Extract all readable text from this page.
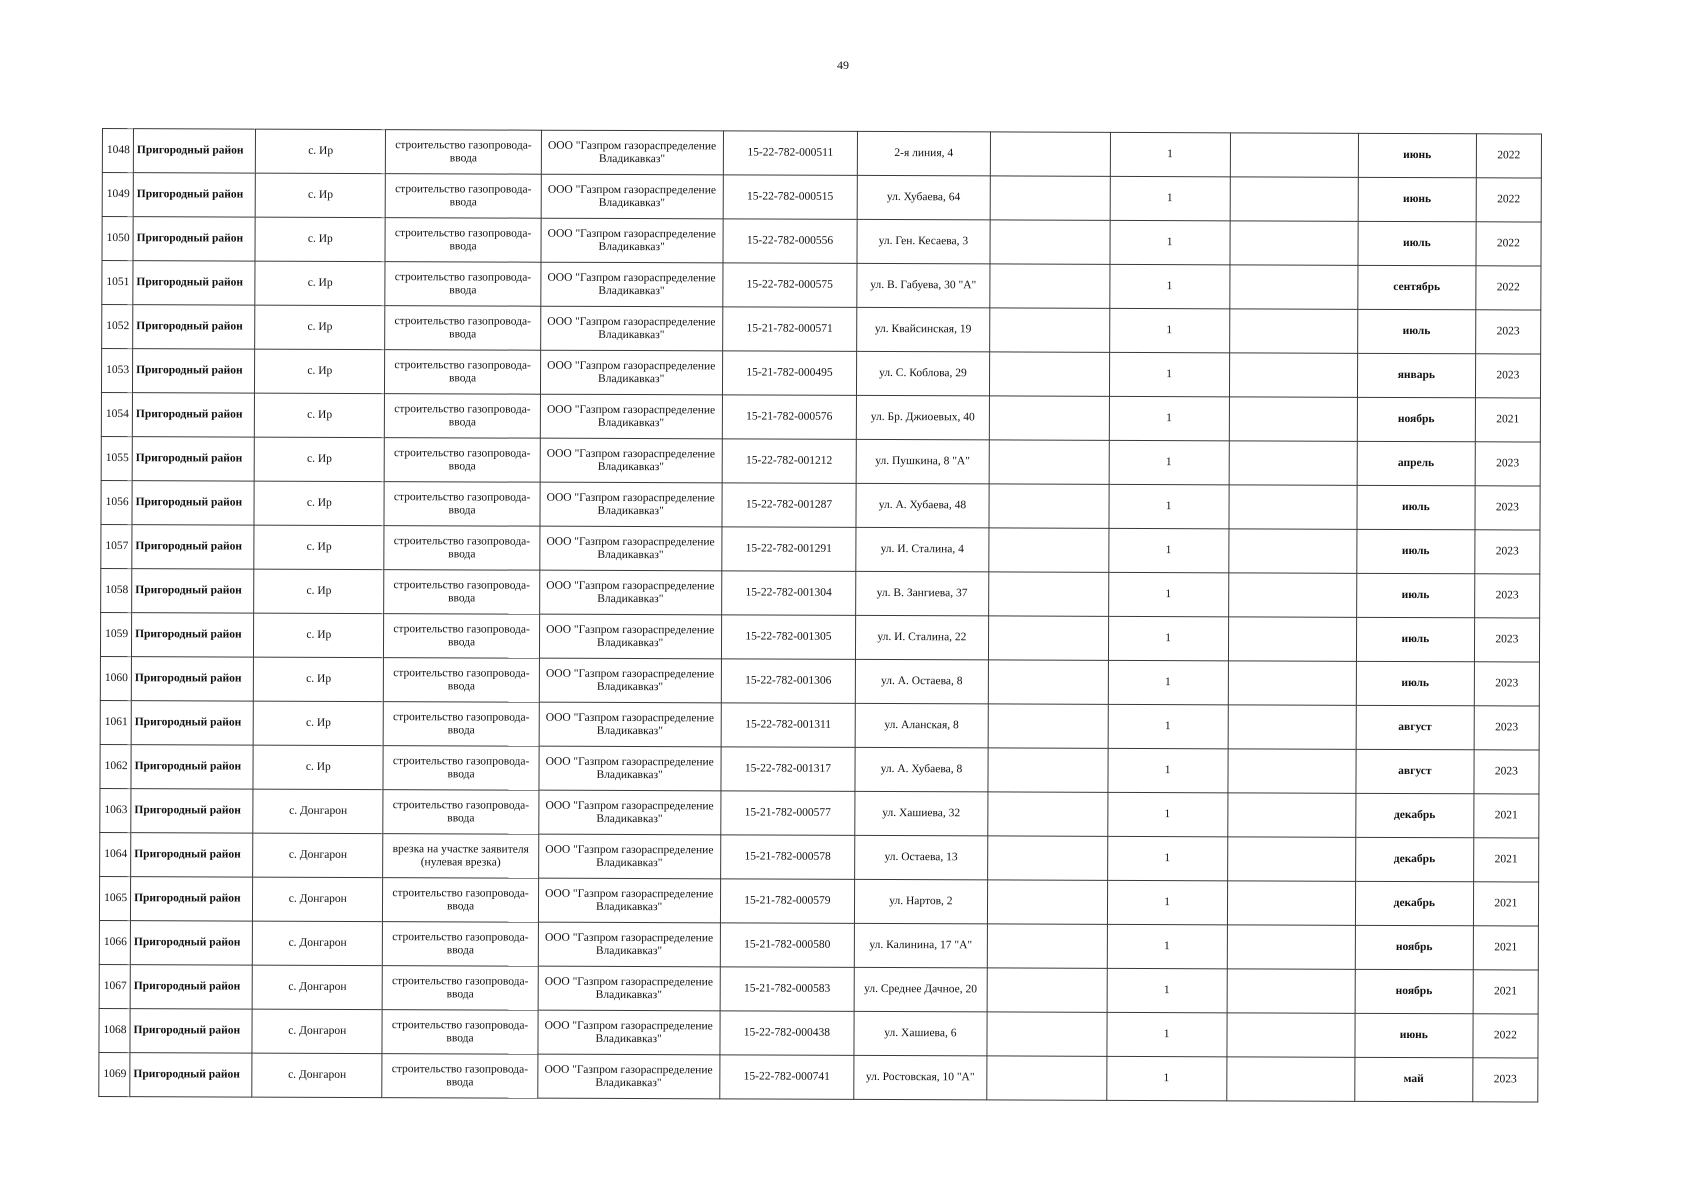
49
1048	Пригородный район	с. Ир	строительство газопровода-ввода	ООО "Газпром газораспределение Владикавказ"	15-22-782-000511	2-я линия, 4		1		июнь	2022
1049	Пригородный район	с. Ир	строительство газопровода-ввода	ООО "Газпром газораспределение Владикавказ"	15-22-782-000515	ул. Хубаева, 64		1		июнь	2022
1050	Пригородный район	с. Ир	строительство газопровода-ввода	ООО "Газпром газораспределение Владикавказ"	15-22-782-000556	ул. Ген. Кесаева, 3		1		июль	2022
1051	Пригородный район	с. Ир	строительство газопровода-ввода	ООО "Газпром газораспределение Владикавказ"	15-22-782-000575	ул. В. Габуева, 30 "А"		1		сентябрь	2022
1052	Пригородный район	с. Ир	строительство газопровода-ввода	ООО "Газпром газораспределение Владикавказ"	15-21-782-000571	ул. Квайсинская, 19		1		июль	2023
1053	Пригородный район	с. Ир	строительство газопровода-ввода	ООО "Газпром газораспределение Владикавказ"	15-21-782-000495	ул. С. Коблова, 29		1		январь	2023
1054	Пригородный район	с. Ир	строительство газопровода-ввода	ООО "Газпром газораспределение Владикавказ"	15-21-782-000576	ул. Бр. Джиоевых, 40		1		ноябрь	2021
1055	Пригородный район	с. Ир	строительство газопровода-ввода	ООО "Газпром газораспределение Владикавказ"	15-22-782-001212	ул. Пушкина, 8 "А"		1		апрель	2023
1056	Пригородный район	с. Ир	строительство газопровода-ввода	ООО "Газпром газораспределение Владикавказ"	15-22-782-001287	ул. А. Хубаева, 48		1		июль	2023
1057	Пригородный район	с. Ир	строительство газопровода-ввода	ООО "Газпром газораспределение Владикавказ"	15-22-782-001291	ул. И. Сталина, 4		1		июль	2023
1058	Пригородный район	с. Ир	строительство газопровода-ввода	ООО "Газпром газораспределение Владикавказ"	15-22-782-001304	ул. В. Зангиева, 37		1		июль	2023
1059	Пригородный район	с. Ир	строительство газопровода-ввода	ООО "Газпром газораспределение Владикавказ"	15-22-782-001305	ул. И. Сталина, 22		1		июль	2023
1060	Пригородный район	с. Ир	строительство газопровода-ввода	ООО "Газпром газораспределение Владикавказ"	15-22-782-001306	ул. А. Остаева, 8		1		июль	2023
1061	Пригородный район	с. Ир	строительство газопровода-ввода	ООО "Газпром газораспределение Владикавказ"	15-22-782-001311	ул. Аланская, 8		1		август	2023
1062	Пригородный район	с. Ир	строительство газопровода-ввода	ООО "Газпром газораспределение Владикавказ"	15-22-782-001317	ул. А. Хубаева, 8		1		август	2023
1063	Пригородный район	с. Донгарон	строительство газопровода-ввода	ООО "Газпром газораспределение Владикавказ"	15-21-782-000577	ул. Хашиева, 32		1		декабрь	2021
1064	Пригородный район	с. Донгарон	врезка на участке заявителя (нулевая врезка)	ООО "Газпром газораспределение Владикавказ"	15-21-782-000578	ул. Остаева, 13		1		декабрь	2021
1065	Пригородный район	с. Донгарон	строительство газопровода-ввода	ООО "Газпром газораспределение Владикавказ"	15-21-782-000579	ул. Нартов, 2		1		декабрь	2021
1066	Пригородный район	с. Донгарон	строительство газопровода-ввода	ООО "Газпром газораспределение Владикавказ"	15-21-782-000580	ул. Калинина, 17 "А"		1		ноябрь	2021
1067	Пригородный район	с. Донгарон	строительство газопровода-ввода	ООО "Газпром газораспределение Владикавказ"	15-21-782-000583	ул. Среднее Дачное, 20		1		ноябрь	2021
1068	Пригородный район	с. Донгарон	строительство газопровода-ввода	ООО "Газпром газораспределение Владикавказ"	15-22-782-000438	ул. Хашиева, 6		1		июнь	2022
1069	Пригородный район	с. Донгарон	строительство газопровода-ввода	ООО "Газпром газораспределение Владикавказ"	15-22-782-000741	ул. Ростовская, 10 "А"		1		май	2023
